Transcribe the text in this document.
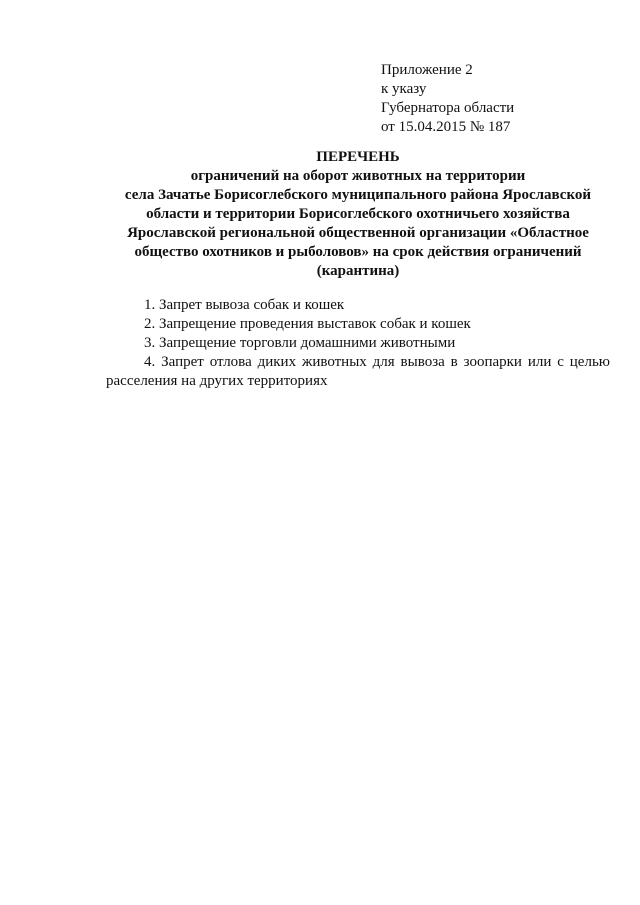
Приложение 2
к указу
Губернатора области
от 15.04.2015 № 187
ПЕРЕЧЕНЬ
ограничений на оборот животных на территории
села Зачатье Борисоглебского муниципального района Ярославской
области и территории Борисоглебского охотничьего хозяйства
Ярославской региональной общественной организации «Областное
общество охотников и рыболовов» на срок действия ограничений
(карантина)
1. Запрет вывоза собак и кошек
2. Запрещение проведения выставок собак и кошек
3. Запрещение торговли домашними животными
4. Запрет отлова диких животных для вывоза в зоопарки или с целью расселения на других территориях
